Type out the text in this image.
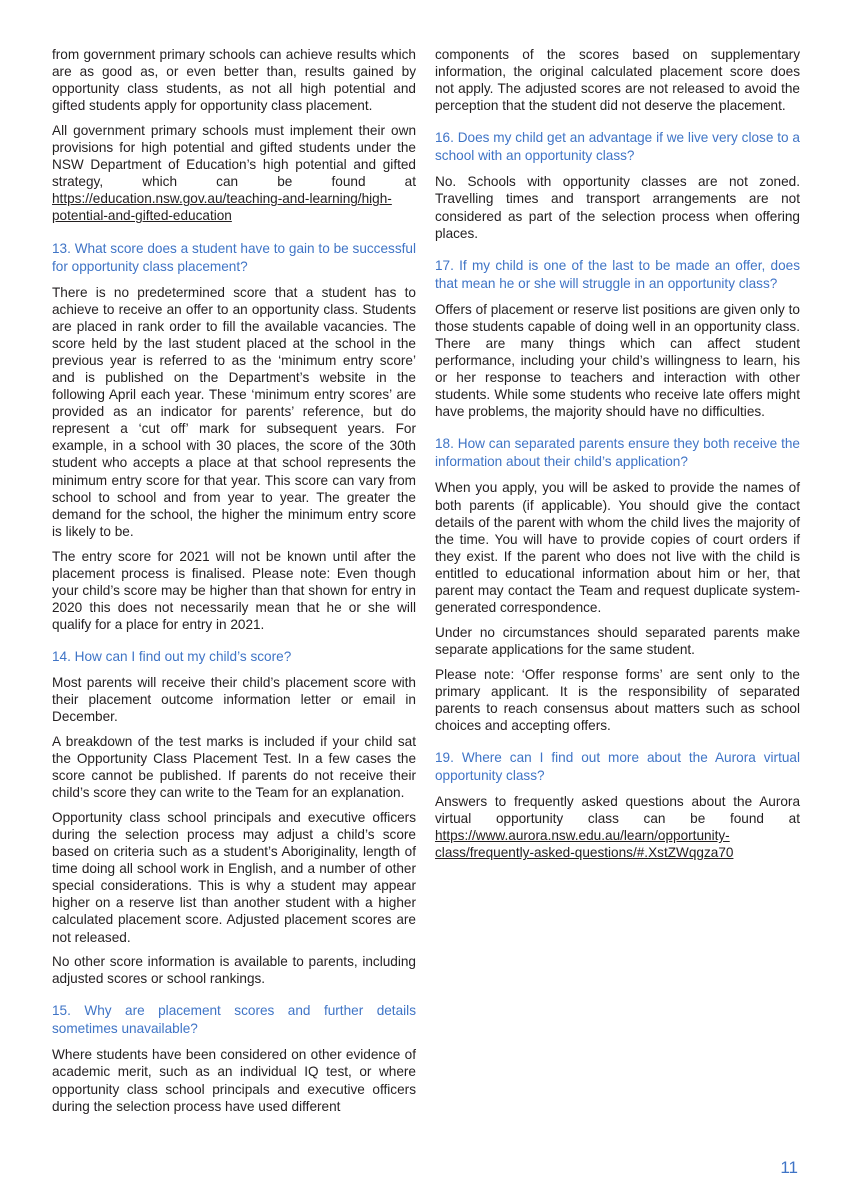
from government primary schools can achieve results which are as good as, or even better than, results gained by opportunity class students, as not all high potential and gifted students apply for opportunity class placement.

All government primary schools must implement their own provisions for high potential and gifted students under the NSW Department of Education’s high potential and gifted strategy, which can be found at https://education.nsw.gov.au/teaching-and-learning/high-potential-and-gifted-education

13. What score does a student have to gain to be successful for opportunity class placement?

There is no predetermined score that a student has to achieve to receive an offer to an opportunity class. Students are placed in rank order to fill the available vacancies. The score held by the last student placed at the school in the previous year is referred to as the ‘minimum entry score’ and is published on the Department’s website in the following April each year. These ‘minimum entry scores’ are provided as an indicator for parents’ reference, but do represent a ‘cut off’ mark for subsequent years. For example, in a school with 30 places, the score of the 30th student who accepts a place at that school represents the minimum entry score for that year. This score can vary from school to school and from year to year. The greater the demand for the school, the higher the minimum entry score is likely to be.

The entry score for 2021 will not be known until after the placement process is finalised. Please note: Even though your child’s score may be higher than that shown for entry in 2020 this does not necessarily mean that he or she will qualify for a place for entry in 2021.

14. How can I find out my child’s score?

Most parents will receive their child’s placement score with their placement outcome information letter or email in December.

A breakdown of the test marks is included if your child sat the Opportunity Class Placement Test. In a few cases the score cannot be published. If parents do not receive their child’s score they can write to the Team for an explanation.

Opportunity class school principals and executive officers during the selection process may adjust a child’s score based on criteria such as a student’s Aboriginality, length of time doing all school work in English, and a number of other special considerations. This is why a student may appear higher on a reserve list than another student with a higher calculated placement score. Adjusted placement scores are not released.

No other score information is available to parents, including adjusted scores or school rankings.

15. Why are placement scores and further details sometimes unavailable?

Where students have been considered on other evidence of academic merit, such as an individual IQ test, or where opportunity class school principals and executive officers during the selection process have used different

components of the scores based on supplementary information, the original calculated placement score does not apply. The adjusted scores are not released to avoid the perception that the student did not deserve the placement.

16. Does my child get an advantage if we live very close to a school with an opportunity class?

No. Schools with opportunity classes are not zoned. Travelling times and transport arrangements are not considered as part of the selection process when offering places.

17. If my child is one of the last to be made an offer, does that mean he or she will struggle in an opportunity class?

Offers of placement or reserve list positions are given only to those students capable of doing well in an opportunity class. There are many things which can affect student performance, including your child’s willingness to learn, his or her response to teachers and interaction with other students. While some students who receive late offers might have problems, the majority should have no difficulties.

18. How can separated parents ensure they both receive the information about their child’s application?

When you apply, you will be asked to provide the names of both parents (if applicable). You should give the contact details of the parent with whom the child lives the majority of the time. You will have to provide copies of court orders if they exist. If the parent who does not live with the child is entitled to educational information about him or her, that parent may contact the Team and request duplicate system-generated correspondence.

Under no circumstances should separated parents make separate applications for the same student.

Please note: ‘Offer response forms’ are sent only to the primary applicant. It is the responsibility of separated parents to reach consensus about matters such as school choices and accepting offers.

19. Where can I find out more about the Aurora virtual opportunity class?

Answers to frequently asked questions about the Aurora virtual opportunity class can be found at https://www.aurora.nsw.edu.au/learn/opportunity-class/frequently-asked-questions/#.XstZWqgza70

11
